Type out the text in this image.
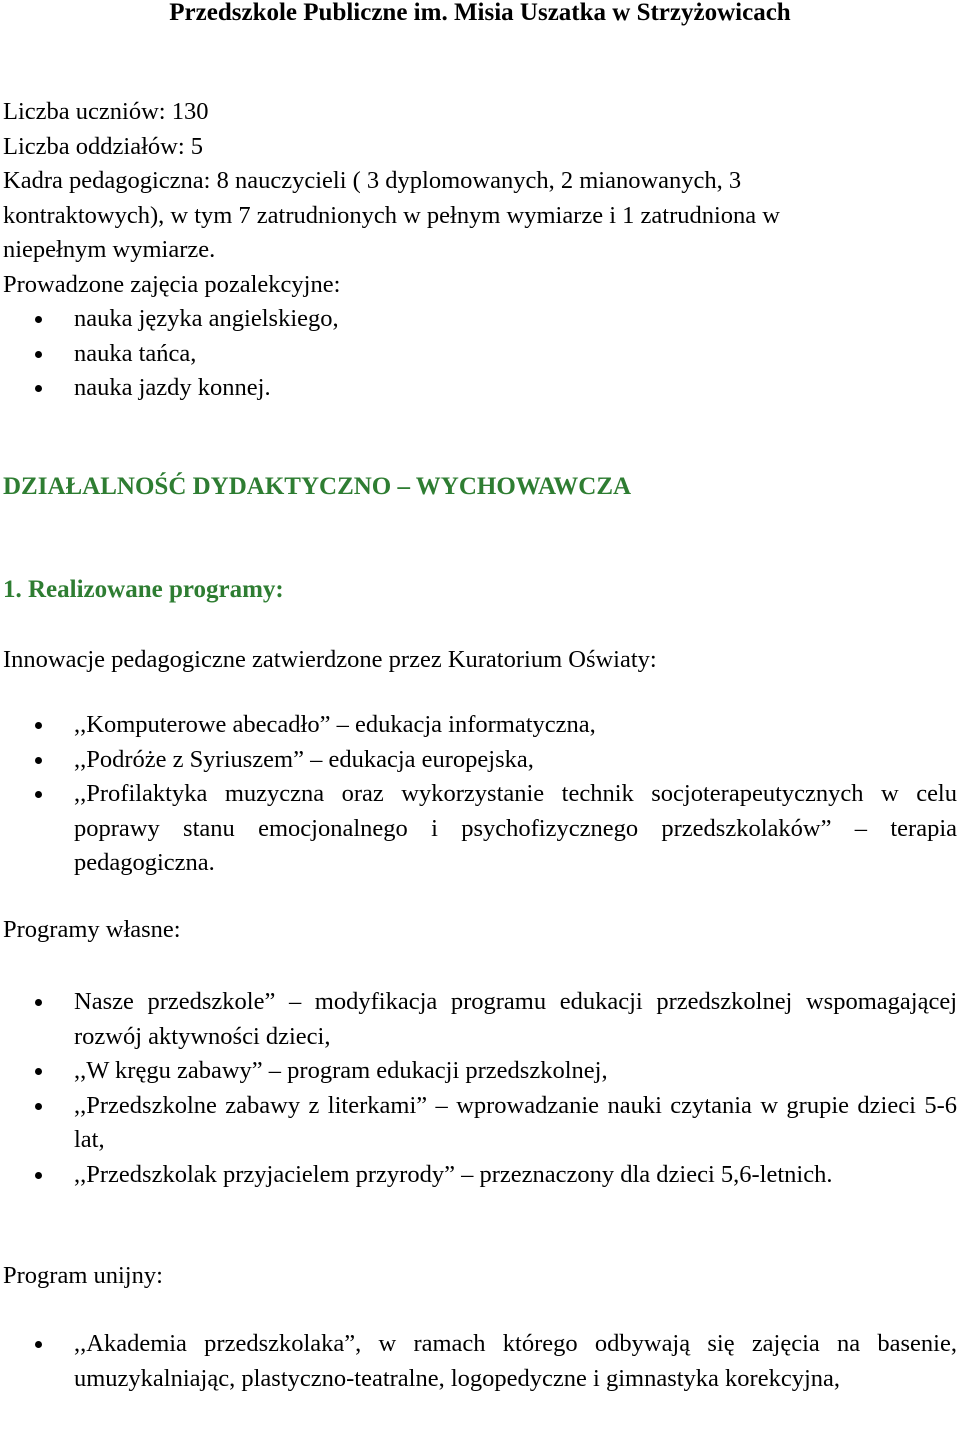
Przedszkole Publiczne im. Misia Uszatka w Strzyżowicach
Liczba uczniów: 130
Liczba oddziałów: 5
Kadra pedagogiczna: 8 nauczycieli ( 3 dyplomowanych, 2 mianowanych, 3
kontraktowych), w tym 7 zatrudnionych w pełnym wymiarze i 1 zatrudniona w
niepełnym wymiarze.
Prowadzone zajęcia pozalekcyjne:
nauka języka angielskiego,
nauka tańca,
nauka jazdy konnej.
DZIAŁALNOŚĆ DYDAKTYCZNO – WYCHOWAWCZA
1. Realizowane programy:
Innowacje pedagogiczne zatwierdzone przez Kuratorium Oświaty:
,,Komputerowe abecadło” – edukacja informatyczna,
,,Podróże z Syriuszem” – edukacja europejska,
,,Profilaktyka muzyczna oraz wykorzystanie technik socjoterapeutycznych w celu poprawy stanu emocjonalnego i psychofizycznego przedszkolaków” – terapia pedagogiczna.
Programy własne:
Nasze przedszkole” – modyfikacja programu edukacji przedszkolnej wspomagającej rozwój aktywności dzieci,
,,W kręgu zabawy” – program edukacji przedszkolnej,
,,Przedszkolne zabawy z literkami” – wprowadzanie nauki czytania w grupie dzieci 5-6 lat,
,,Przedszkolak przyjacielem przyrody” – przeznaczony dla dzieci 5,6-letnich.
Program unijny:
,,Akademia przedszkolaka”, w ramach którego odbywają się zajęcia na basenie, umuzykalniając, plastyczno-teatralne, logopedyczne i gimnastyka korekcyjna,
